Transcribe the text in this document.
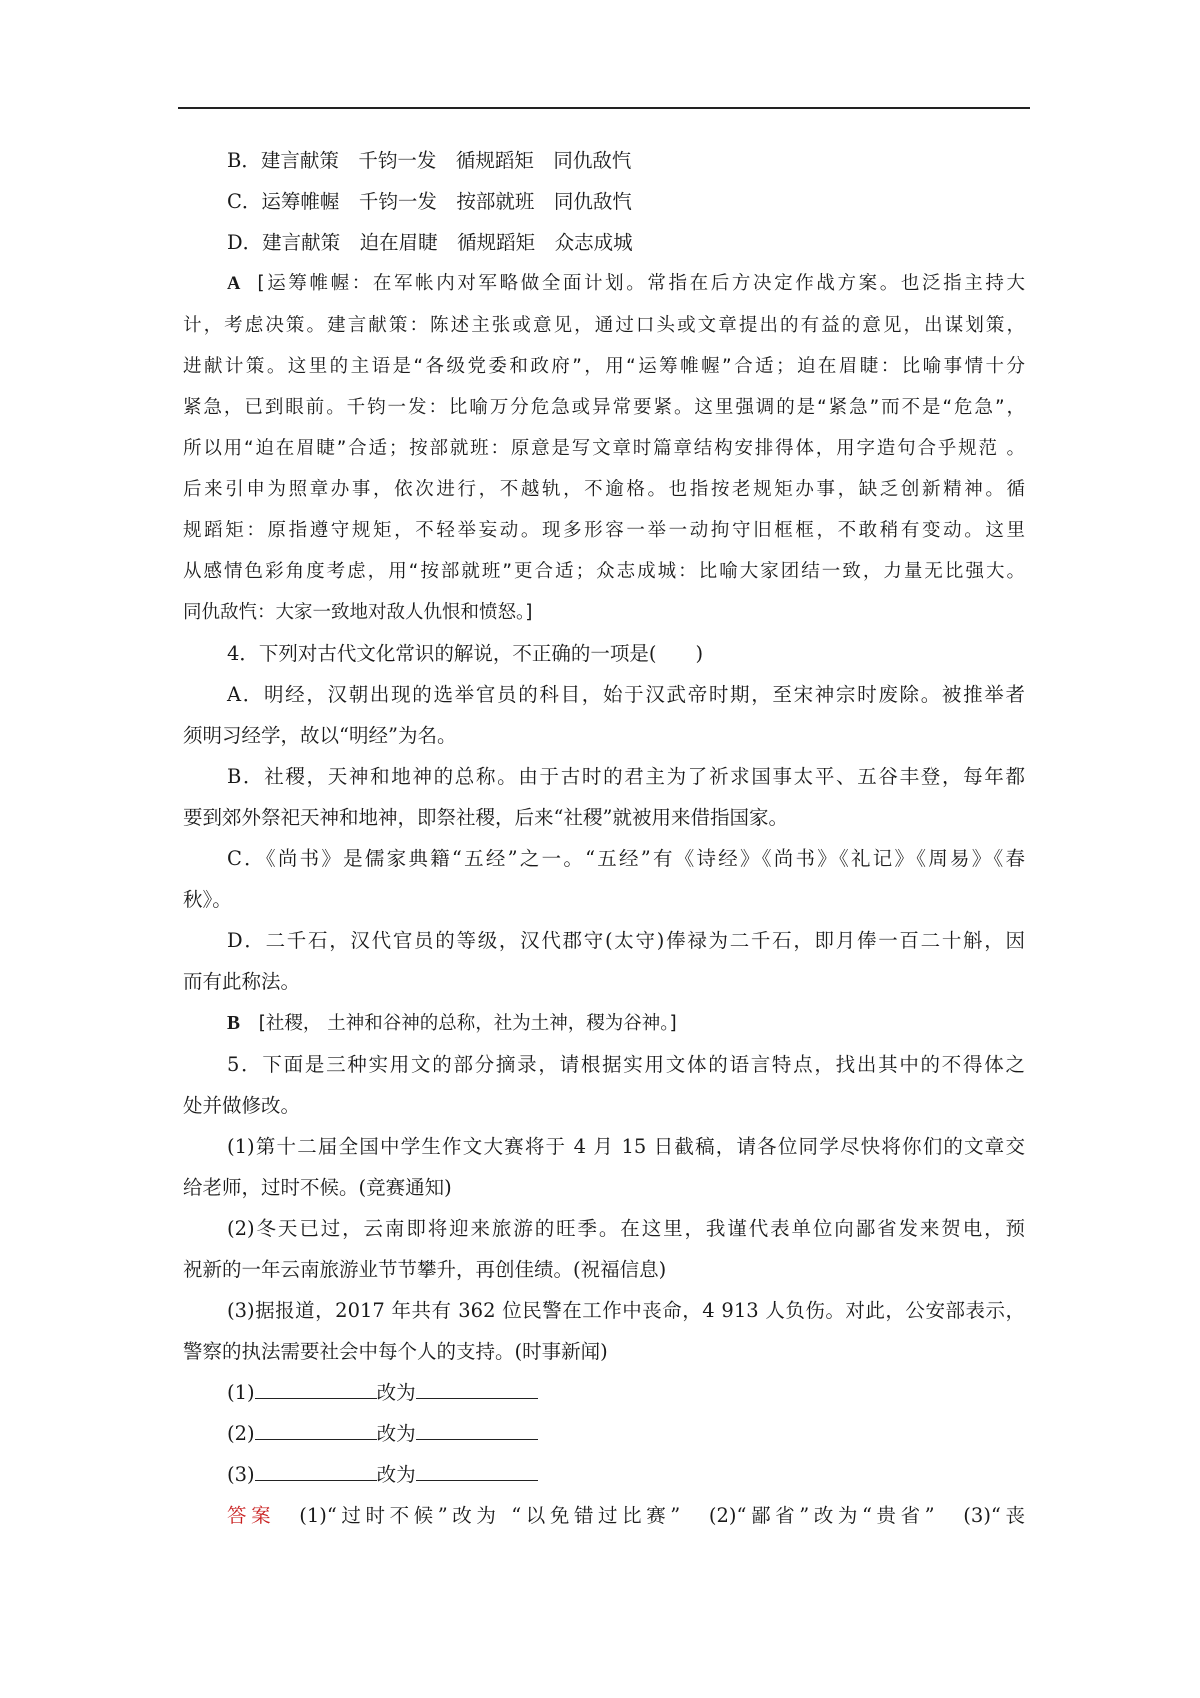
B．建言献策　千钧一发　循规蹈矩　同仇敌忾
C．运筹帷幄　千钧一发　按部就班　同仇敌忾
D．建言献策　迫在眉睫　循规蹈矩　众志成城
A [运筹帷幄：在军帐内对军略做全面计划。常指在后方决定作战方案。也泛指主持大
计，考虑决策。建言献策：陈述主张或意见，通过口头或文章提出的有益的意见，出谋划策，
进献计策。这里的主语是“各级党委和政府”，用“运筹帷幄”合适；迫在眉睫：比喻事情十分
紧急，已到眼前。千钧一发：比喻万分危急或异常要紧。这里强调的是“紧急”而不是“危急”，
所以用“迫在眉睫”合适；按部就班：原意是写文章时篇章结构安排得体，用字造句合乎规范 。
后来引申为照章办事，依次进行，不越轨，不逾格。也指按老规矩办事，缺乏创新精神。循
规蹈矩：原指遵守规矩，不轻举妄动。现多形容一举一动拘守旧框框，不敢稍有变动。这里
从感情色彩角度考虑，用“按部就班”更合适；众志成城：比喻大家团结一致，力量无比强大。
同仇敌忾：大家一致地对敌人仇恨和愤怒。]
4．下列对古代文化常识的解说，不正确的一项是(　　)
A．明经，汉朝出现的选举官员的科目，始于汉武帝时期，至宋神宗时废除。被推举者
须明习经学，故以“明经”为名。
B．社稷，天神和地神的总称。由于古时的君主为了祈求国事太平、五谷丰登，每年都
要到郊外祭祀天神和地神，即祭社稷，后来“社稷”就被用来借指国家。
C．《尚书》是儒家典籍“五经”之一。“五经”有《诗经》《尚书》《礼记》《周易》《春
秋》。
D．二千石，汉代官员的等级，汉代郡守(太守)俸禄为二千石，即月俸一百二十斛，因
而有此称法。
B [社稷， 土神和谷神的总称，社为土神，稷为谷神。]
5．下面是三种实用文的部分摘录，请根据实用文体的语言特点，找出其中的不得体之
处并做修改。
(1)第十二届全国中学生作文大赛将于 4 月 15 日截稿，请各位同学尽快将你们的文章交
给老师，过时不候。(竞赛通知)
(2)冬天已过，云南即将迎来旅游的旺季。在这里，我谨代表单位向鄙省发来贺电，预
祝新的一年云南旅游业节节攀升，再创佳绩。(祝福信息)
(3)据报道，2017 年共有 362 位民警在工作中丧命，4 913 人负伤。对此，公安部表示，
警察的执法需要社会中每个人的支持。(时事新闻)
(1)	改为
(2)	改为
(3)	改为
答案　(1)“过时不候”改为 “以免错过比赛”　(2)“鄙省”改为“贵省”　(3)“丧
